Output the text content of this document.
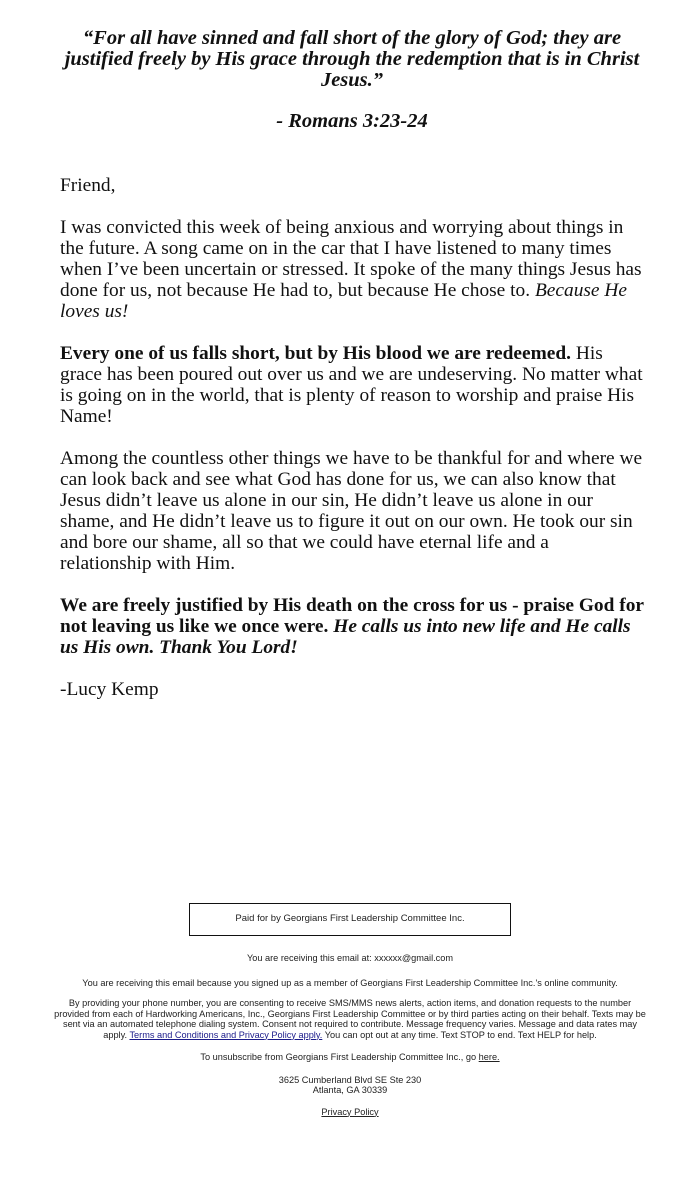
“For all have sinned and fall short of the glory of God; they are justified freely by His grace through the redemption that is in Christ Jesus.”

- Romans 3:23-24

Friend,

I was convicted this week of being anxious and worrying about things in the future. A song came on in the car that I have listened to many times when I’ve been uncertain or stressed. It spoke of the many things Jesus has done for us, not because He had to, but because He chose to. Because He loves us!

Every one of us falls short, but by His blood we are redeemed. His grace has been poured out over us and we are undeserving. No matter what is going on in the world, that is plenty of reason to worship and praise His Name!

Among the countless other things we have to be thankful for and where we can look back and see what God has done for us, we can also know that Jesus didn’t leave us alone in our sin, He didn’t leave us alone in our shame, and He didn’t leave us to figure it out on our own. He took our sin and bore our shame, all so that we could have eternal life and a relationship with Him.

We are freely justified by His death on the cross for us - praise God for not leaving us like we once were. He calls us into new life and He calls us His own. Thank You Lord!

-Lucy Kemp

Paid for by Georgians First Leadership Committee Inc.

You are receiving this email at: xxxxxx@gmail.com

You are receiving this email because you signed up as a member of Georgians First Leadership Committee Inc.'s online community.

By providing your phone number, you are consenting to receive SMS/MMS news alerts, action items, and donation requests to the number provided from each of Hardworking Americans, Inc., Georgians First Leadership Committee or by third parties acting on their behalf. Texts may be sent via an automated telephone dialing system. Consent not required to contribute. Message frequency varies. Message and data rates may apply. Terms and Conditions and Privacy Policy apply. You can opt out at any time. Text STOP to end. Text HELP for help.

To unsubscribe from Georgians First Leadership Committee Inc., go here.

3625 Cumberland Blvd SE Ste 230
Atlanta, GA 30339

Privacy Policy
